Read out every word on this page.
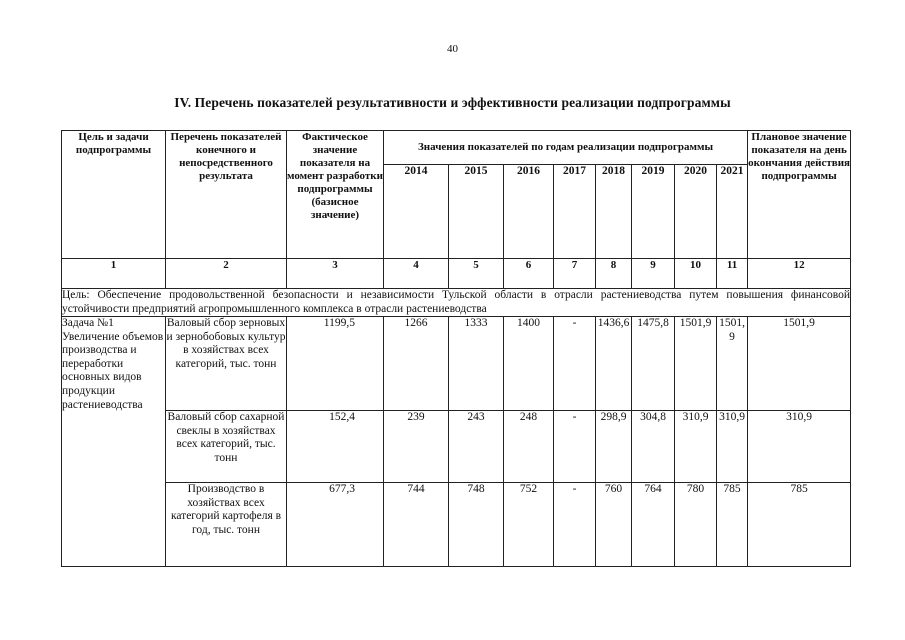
40
IV. Перечень показателей результативности и эффективности реализации подпрограммы
Цель и задачи подпрограммы	Перечень показателей конечного и непосредственного результата	Фактическое значение показателя на момент разработки подпрограммы (базисное значение)	Значения показателей по годам реализации подпрограммы								Плановое значение показателя на день окончания действия подпрограммы
			2014	2015	2016	2017	2018	2019	2020	2021	
1	2	3	4	5	6	7	8	9	10	11	12
Цель: Обеспечение продовольственной безопасности и независимости Тульской области в отрасли растениеводства путем повышения финансовой устойчивости предприятий агропромышленного комплекса в отрасли растениеводства											
Задача №1 Увеличение объемов производства и переработки основных видов продукции растениеводства	Валовый сбор зерновых и зернобобовых культур в хозяйствах всех категорий, тыс. тонн	1199,5	1266	1333	1400	-	1436,6	1475,8	1501,9	1501,9	1501,9
	Валовый сбор сахарной свеклы в хозяйствах всех категорий, тыс. тонн	152,4	239	243	248	-	298,9	304,8	310,9	310,9	310,9
	Производство в хозяйствах всех категорий картофеля в год, тыс. тонн	677,3	744	748	752	-	760	764	780	785	785
